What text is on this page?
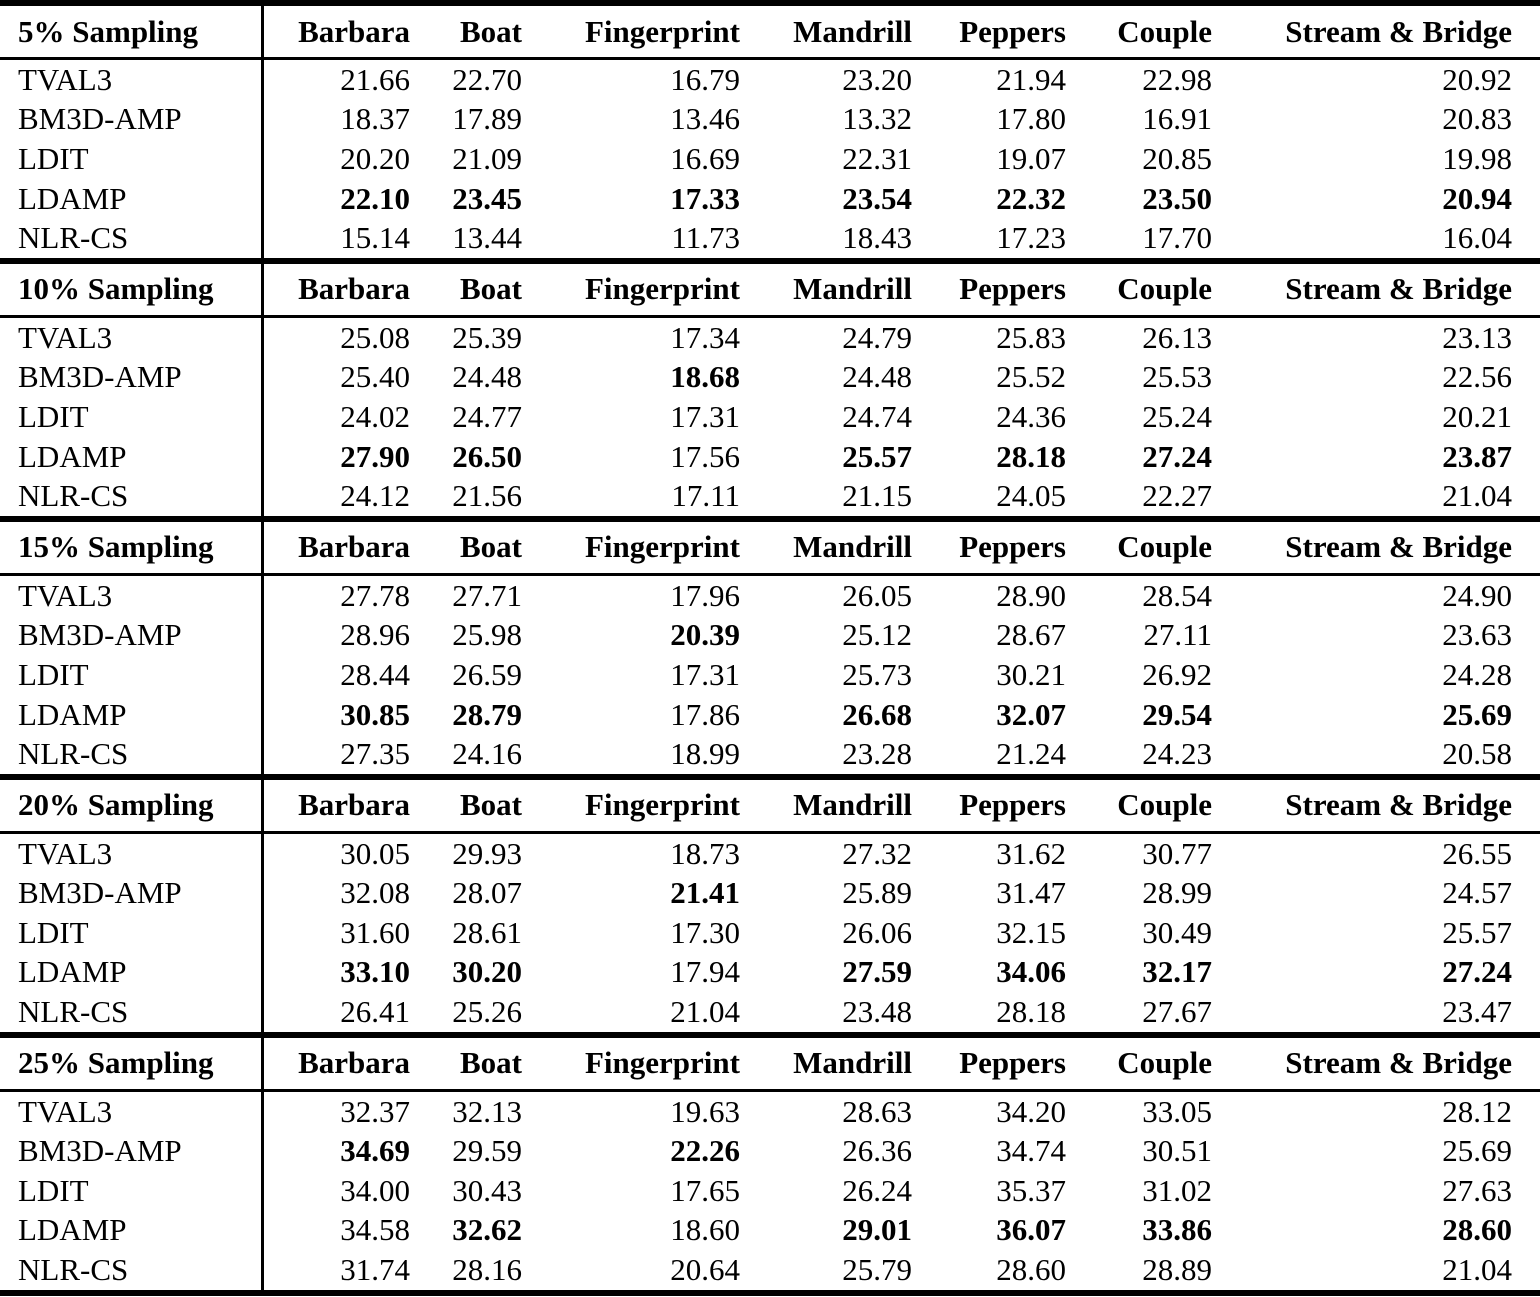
5% Sampling	Barbara	Boat	Fingerprint	Mandrill	Peppers	Couple	Stream & Bridge
TVAL3	21.66	22.70	16.79	23.20	21.94	22.98	20.92
BM3D-AMP	18.37	17.89	13.46	13.32	17.80	16.91	20.83
LDIT	20.20	21.09	16.69	22.31	19.07	20.85	19.98
LDAMP	22.10	23.45	17.33	23.54	22.32	23.50	20.94
NLR-CS	15.14	13.44	11.73	18.43	17.23	17.70	16.04
10% Sampling	Barbara	Boat	Fingerprint	Mandrill	Peppers	Couple	Stream & Bridge
TVAL3	25.08	25.39	17.34	24.79	25.83	26.13	23.13
BM3D-AMP	25.40	24.48	18.68	24.48	25.52	25.53	22.56
LDIT	24.02	24.77	17.31	24.74	24.36	25.24	20.21
LDAMP	27.90	26.50	17.56	25.57	28.18	27.24	23.87
NLR-CS	24.12	21.56	17.11	21.15	24.05	22.27	21.04
15% Sampling	Barbara	Boat	Fingerprint	Mandrill	Peppers	Couple	Stream & Bridge
TVAL3	27.78	27.71	17.96	26.05	28.90	28.54	24.90
BM3D-AMP	28.96	25.98	20.39	25.12	28.67	27.11	23.63
LDIT	28.44	26.59	17.31	25.73	30.21	26.92	24.28
LDAMP	30.85	28.79	17.86	26.68	32.07	29.54	25.69
NLR-CS	27.35	24.16	18.99	23.28	21.24	24.23	20.58
20% Sampling	Barbara	Boat	Fingerprint	Mandrill	Peppers	Couple	Stream & Bridge
TVAL3	30.05	29.93	18.73	27.32	31.62	30.77	26.55
BM3D-AMP	32.08	28.07	21.41	25.89	31.47	28.99	24.57
LDIT	31.60	28.61	17.30	26.06	32.15	30.49	25.57
LDAMP	33.10	30.20	17.94	27.59	34.06	32.17	27.24
NLR-CS	26.41	25.26	21.04	23.48	28.18	27.67	23.47
25% Sampling	Barbara	Boat	Fingerprint	Mandrill	Peppers	Couple	Stream & Bridge
TVAL3	32.37	32.13	19.63	28.63	34.20	33.05	28.12
BM3D-AMP	34.69	29.59	22.26	26.36	34.74	30.51	25.69
LDIT	34.00	30.43	17.65	26.24	35.37	31.02	27.63
LDAMP	34.58	32.62	18.60	29.01	36.07	33.86	28.60
NLR-CS	31.74	28.16	20.64	25.79	28.60	28.89	21.04
